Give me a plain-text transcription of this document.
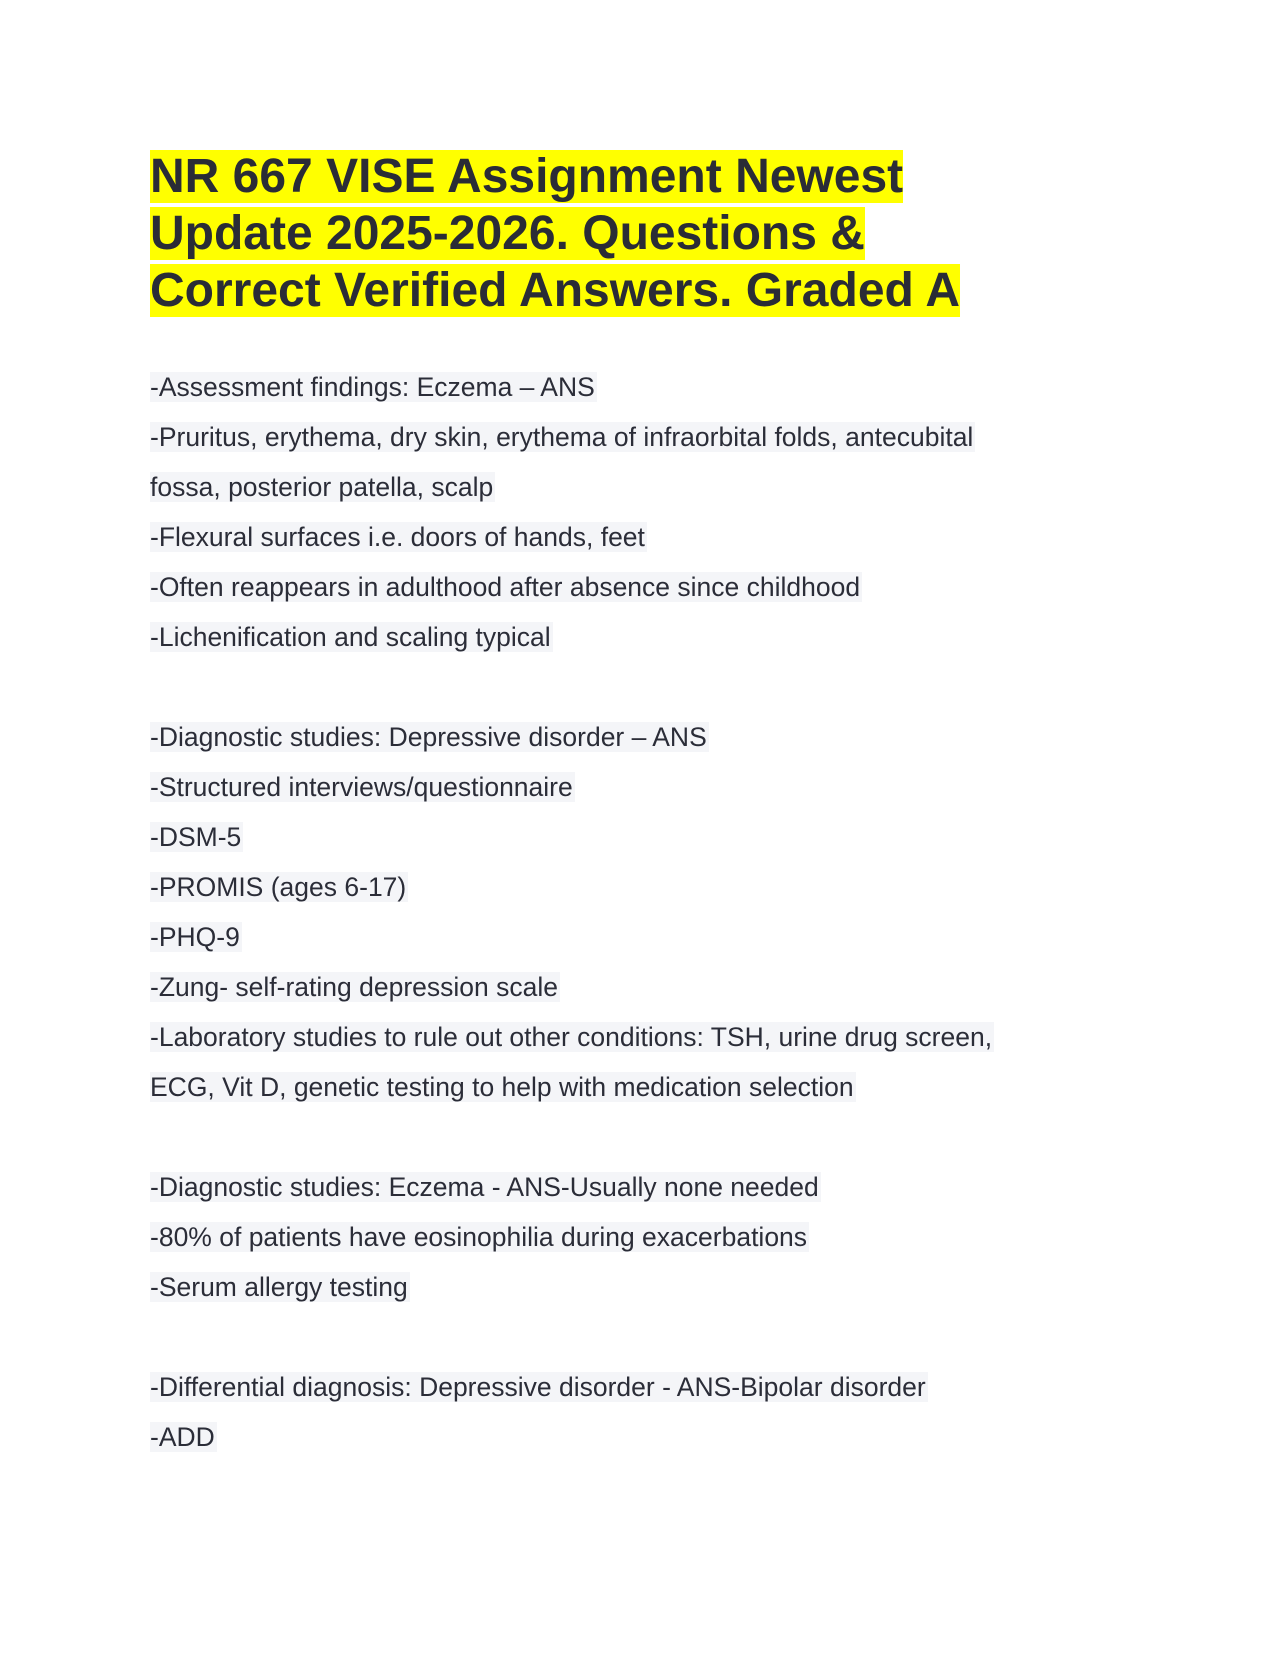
NR 667 VISE Assignment Newest
Update 2025-2026. Questions &
Correct Verified Answers. Graded A
-Assessment findings: Eczema – ANS
-Pruritus, erythema, dry skin, erythema of infraorbital folds, antecubital
fossa, posterior patella, scalp
-Flexural surfaces i.e. doors of hands, feet
-Often reappears in adulthood after absence since childhood
-Lichenification and scaling typical
-Diagnostic studies: Depressive disorder – ANS
-Structured interviews/questionnaire
-DSM-5
-PROMIS (ages 6-17)
-PHQ-9
-Zung- self-rating depression scale
-Laboratory studies to rule out other conditions: TSH, urine drug screen,
ECG, Vit D, genetic testing to help with medication selection
-Diagnostic studies: Eczema - ANS-Usually none needed
-80% of patients have eosinophilia during exacerbations
-Serum allergy testing
-Differential diagnosis: Depressive disorder - ANS-Bipolar disorder
-ADD
